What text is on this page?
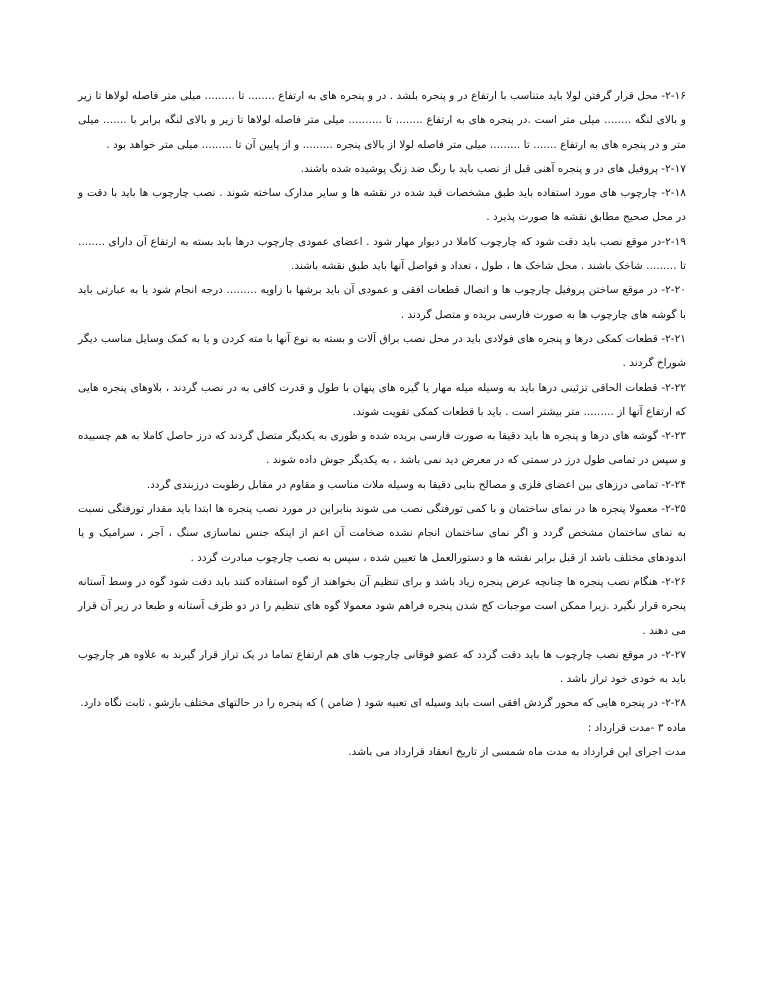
۲-۱۶- محل قرار گرفتن لولا باید متناسب با ارتفاع در و پنجره بلشد . در و پنجره های به ارتفاع ........ تا ......... میلی متر فاصله لولاها تا زیر و بالای لنگه ........ میلی متر است .در پنجره های به ارتفاع ........ تا .......... میلی متر فاصله لولاها تا زیر و بالای لنگه برابر با ....... میلی متر و در پنجره های به ارتفاع ....... تا ......... میلی متر فاصله لولا از بالای پنجره ......... و از پایین آن تا ......... میلی متر خواهد بود .

۲-۱۷- پروفیل های در و پنجره آهنی قبل از نصب باید با رنگ ضد زنگ پوشیده شده باشند.

۲-۱۸- چارچوب های مورد استفاده باید طبق مشخصات قید شده در نقشه ها و سایر مدارک ساخته شوند . نصب چارچوب ها باید با دقت و در محل صحیح مطابق نقشه ها صورت پذیرد .

۲-۱۹-در موقع نصب باید دقت شود که چارچوب کاملا در دیوار مهار شود . اعضای عمودی چارچوب درها باید بسته به ارتفاع آن دارای ........ تا ......... شاخک باشند . محل شاخک ها ، طول ، تعداد و فواصل آنها باید طبق نقشه باشند.

۲-۲۰- در موقع ساختن پروفیل چارچوب ها و اتصال قطعات افقی و عمودی آن باید برشها با زاویه ......... درجه انجام شود یا به عبارتی باید با گوشه های چارچوب ها به صورت فارسی بریده و متصل گردند .

۲-۲۱- قطعات کمکی درها و پنجره های فولادی باید در محل نصب براق آلات و بسته به نوع آنها با مته کردن و یا به کمک وسایل مناسب دیگر شوراخ گردند .

۲-۲۲- قطعات الحاقی تزئینی درها باید به وسیله میله مهار یا گیره های پنهان با طول و قدرت کافی به در نصب گردند ، بلاوهای پنجره هایی که ارتفاع آنها از ......... متر بیشتر است . باید با قطعات کمکی تقویت شوند.

۲-۲۳- گوشه های درها و پنجره ها باید دقیقا به صورت فارسی بریده شده و طوری به یکدیگر متصل گردند که درز حاصل کاملا به هم چسبیده و سپس در تمامی طول درز در سمتی که در معرض دید نمی باشد ، به یکدیگر جوش داده شوند .

۲-۲۴- تمامی درزهای بین اعضای فلزی و مصالح بنایی دقیقا به وسیله ملات مناسب و مقاوم در مقابل رطوبت درزبندی گردد.

۲-۲۵- معمولا پنجره ها در نمای ساختمان و با کمی تورفتگی نصب می شوند بنابراین در مورد نصب پنجره ها ابتدا باید مقدار تورفتگی نسبت به نمای ساختمان مشخص گردد و اگر نمای ساختمان انجام نشده ضخامت آن اعم از اینکه جنس نماسازی سنگ ، آجر ، سرامیک و یا اندودهای مختلف باشد از قبل برابر نقشه ها و دستورالعمل ها تعیین شده ، سپس به نصب چارچوب مبادرت گردد .

۲-۲۶- هنگام نصب پنجره ها چنانچه عرض پنجره زیاد باشد و برای تنظیم آن بخواهند از گوه استفاده کنند باید دقت شود گوه در وسط آستانه پنجره قرار نگیرد .زیرا ممکن است موجبات کج شدن پنجره فراهم شود معمولا گوه های تنظیم را در دو طرف آستانه و طبعا در زیر آن قرار می دهند .

۲-۲۷- در موقع نصب چارچوب ها باید دقت گردد که عضو فوقانی چارچوب های هم ارتفاع تماما در یک تراز قرار گیرند به علاوه هر چارچوب باید به خودی خود تراز باشد .

۲-۲۸- در پنجره هایی که محور گردش افقی است باید وسیله ای تعبیه شود ( ضامن ) که پنجره را در حالتهای مختلف بازشو ، ثابت نگاه دارد.

ماده ۳ -مدت قرارداد :

مدت اجرای این قرارداد به مدت ماه شمسی از تاریخ انعقاد قرارداد می باشد.
